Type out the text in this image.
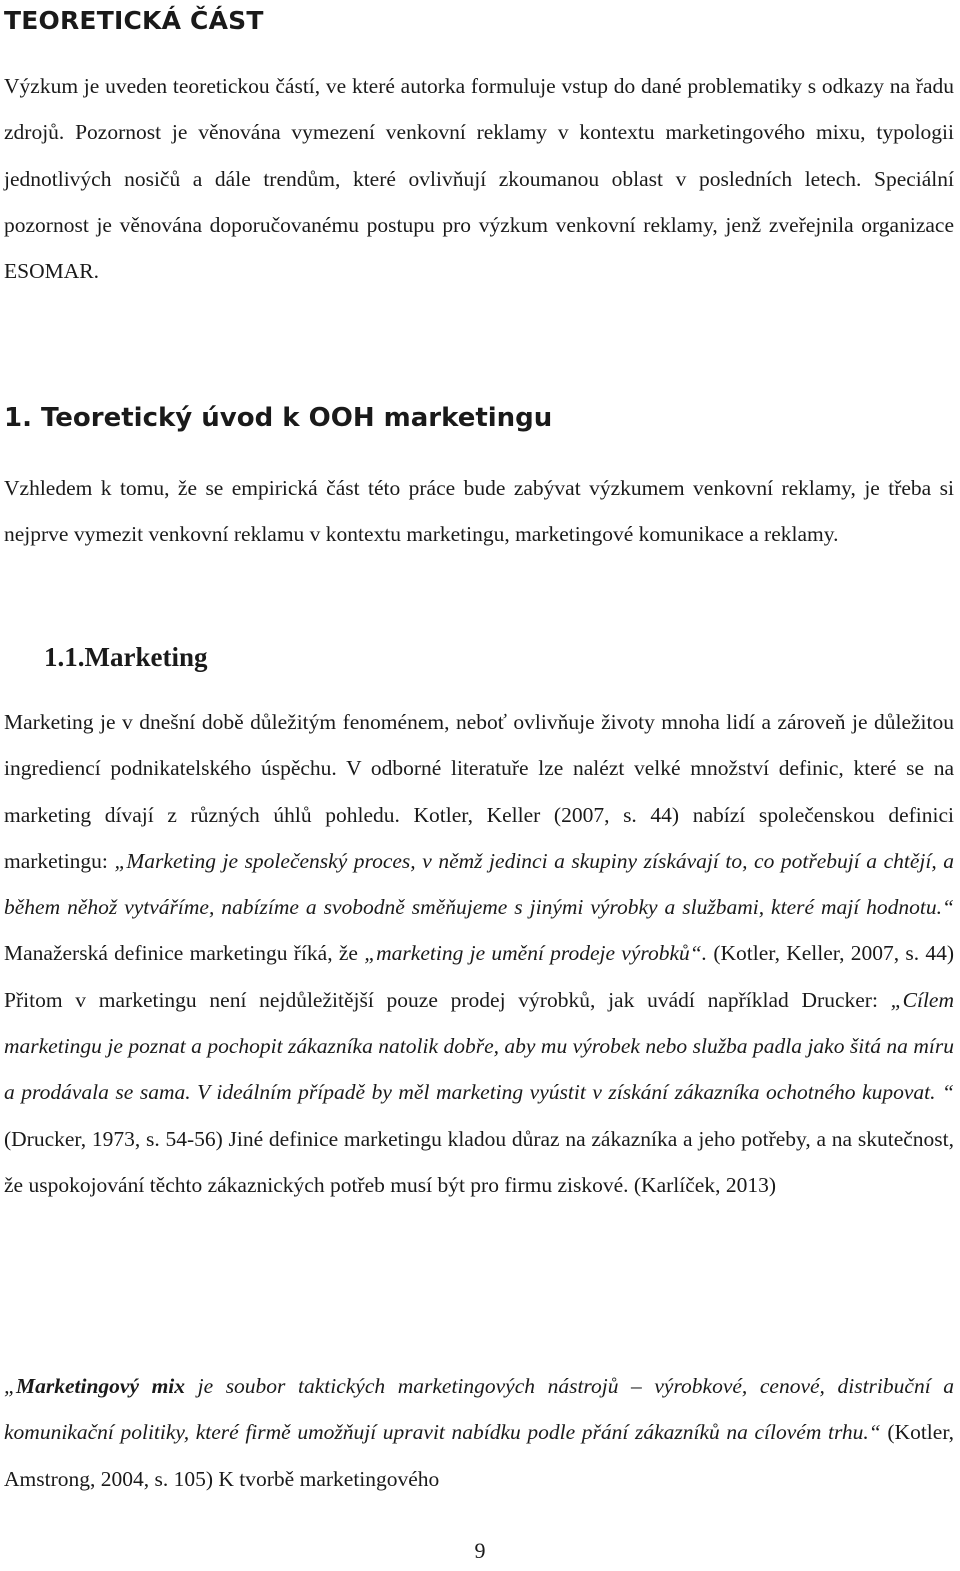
TEORETICKÁ ČÁST

Výzkum je uveden teoretickou částí, ve které autorka formuluje vstup do dané problematiky s odkazy na řadu zdrojů. Pozornost je věnována vymezení venkovní reklamy v kontextu marketingového mixu, typologii jednotlivých nosičů a dále trendům, které ovlivňují zkoumanou oblast v posledních letech. Speciální pozornost je věnována doporučovanému postupu pro výzkum venkovní reklamy, jenž zveřejnila organizace ESOMAR.

1. Teoretický úvod k OOH marketingu

Vzhledem k tomu, že se empirická část této práce bude zabývat výzkumem venkovní reklamy, je třeba si nejprve vymezit venkovní reklamu v kontextu marketingu, marketingové komunikace a reklamy.

1.1.Marketing

Marketing je v dnešní době důležitým fenoménem, neboť ovlivňuje životy mnoha lidí a zároveň je důležitou ingrediencí podnikatelského úspěchu. V odborné literatuře lze nalézt velké množství definic, které se na marketing dívají z různých úhlů pohledu. Kotler, Keller (2007, s. 44) nabízí společenskou definici marketingu: „Marketing je společenský proces, v němž jedinci a skupiny získávají to, co potřebují a chtějí, a během něhož vytváříme, nabízíme a svobodně směňujeme s jinými výrobky a službami, které mají hodnotu.“ Manažerská definice marketingu říká, že „marketing je umění prodeje výrobků“. (Kotler, Keller, 2007, s. 44) Přitom v marketingu není nejdůležitější pouze prodej výrobků, jak uvádí například Drucker: „Cílem marketingu je poznat a pochopit zákazníka natolik dobře, aby mu výrobek nebo služba padla jako šitá na míru a prodávala se sama. V ideálním případě by měl marketing vyústit v získání zákazníka ochotného kupovat. “ (Drucker, 1973, s. 54-56) Jiné definice marketingu kladou důraz na zákazníka a jeho potřeby, a na skutečnost, že uspokojování těchto zákaznických potřeb musí být pro firmu ziskové. (Karlíček, 2013)

„Marketingový mix je soubor taktických marketingových nástrojů – výrobkové, cenové, distribuční a komunikační politiky, které firmě umožňují upravit nabídku podle přání zákazníků na cílovém trhu.“ (Kotler, Amstrong, 2004, s. 105) K tvorbě marketingového

9
